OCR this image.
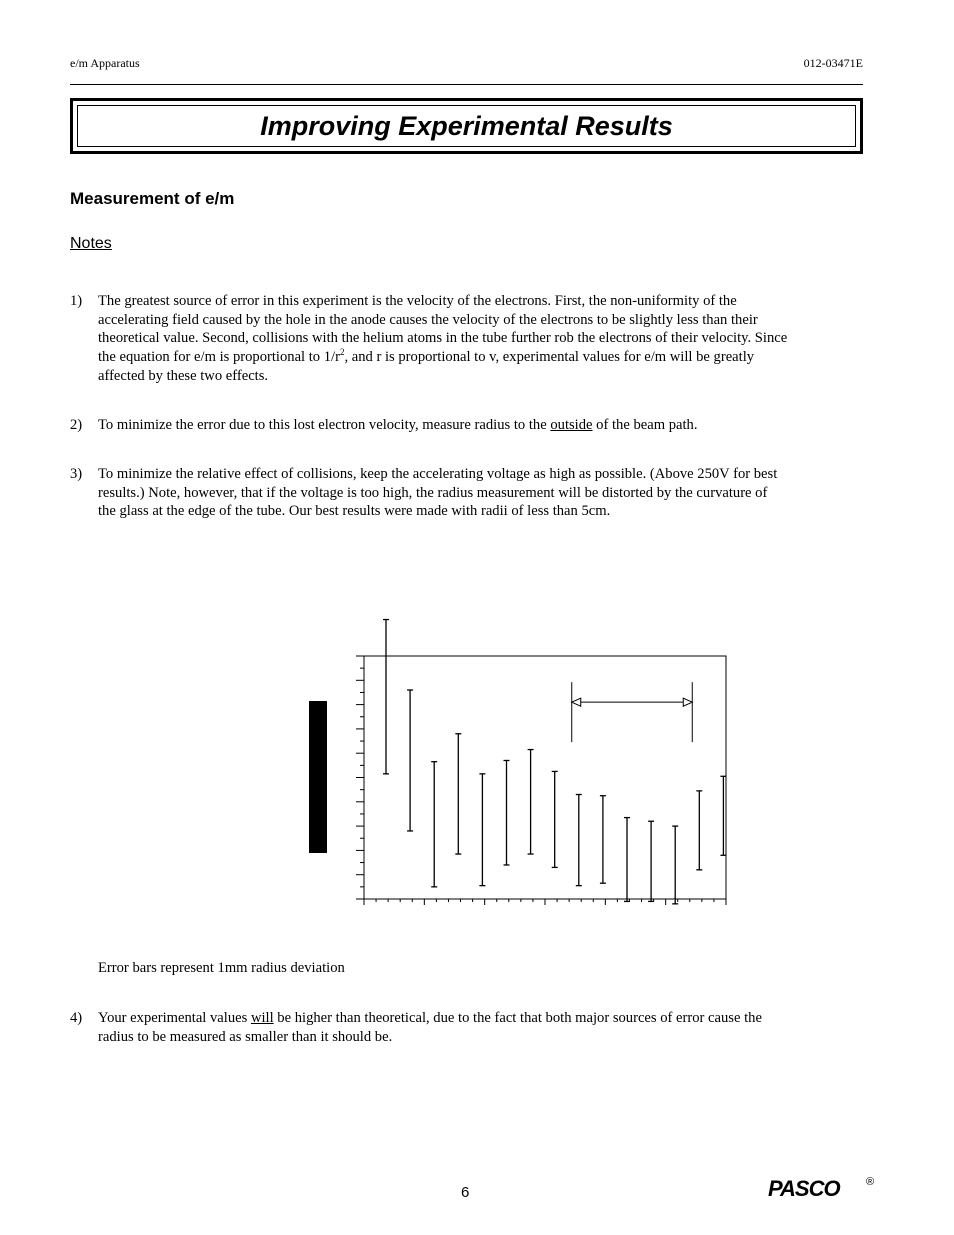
e/m Apparatus	012-03471E
Improving Experimental Results
Measurement of e/m
Notes
1) The greatest source of error in this experiment is the velocity of the electrons. First, the non-uniformity of the accelerating field caused by the hole in the anode causes the velocity of the electrons to be slightly less than their theoretical value. Second, collisions with the helium atoms in the tube further rob the electrons of their velocity. Since the equation for e/m is proportional to $1/r^2$, and r is proportional to v, experimental values for e/m will be greatly affected by these two effects.
2) To minimize the error due to this lost electron velocity, measure radius to the outside of the beam path.
3) To minimize the relative effect of collisions, keep the accelerating voltage as high as possible. (Above 250V for best results.) Note, however, that if the voltage is too high, the radius measurement will be distorted by the curvature of the glass at the edge of the tube. Our best results were made with radii of less than 5cm.
Error bars represent 1mm radius deviation
4) Your experimental values will be higher than theoretical, due to the fact that both major sources of error cause the radius to be measured as smaller than it should be.
6	PASCO ®
